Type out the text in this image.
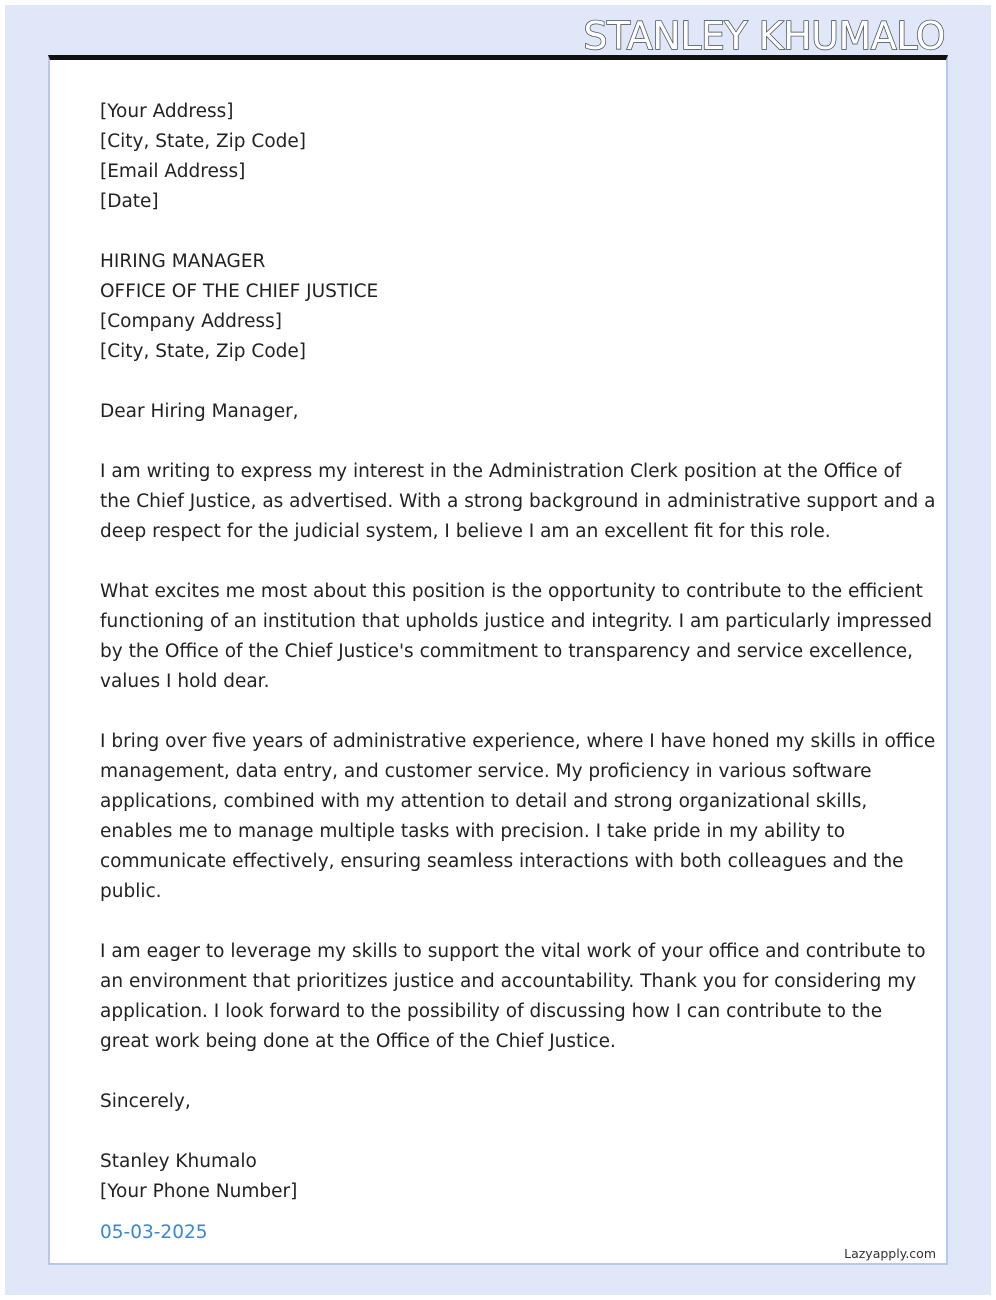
STANLEY KHUMALO
[Your Address]
[City, State, Zip Code]
[Email Address]
[Date]
HIRING MANAGER
OFFICE OF THE CHIEF JUSTICE
[Company Address]
[City, State, Zip Code]
Dear Hiring Manager,
I am writing to express my interest in the Administration Clerk position at the Office of
the Chief Justice, as advertised. With a strong background in administrative support and a
deep respect for the judicial system, I believe I am an excellent fit for this role.
What excites me most about this position is the opportunity to contribute to the efficient
functioning of an institution that upholds justice and integrity. I am particularly impressed
by the Office of the Chief Justice's commitment to transparency and service excellence,
values I hold dear.
I bring over five years of administrative experience, where I have honed my skills in office
management, data entry, and customer service. My proficiency in various software
applications, combined with my attention to detail and strong organizational skills,
enables me to manage multiple tasks with precision. I take pride in my ability to
communicate effectively, ensuring seamless interactions with both colleagues and the
public.
I am eager to leverage my skills to support the vital work of your office and contribute to
an environment that prioritizes justice and accountability. Thank you for considering my
application. I look forward to the possibility of discussing how I can contribute to the
great work being done at the Office of the Chief Justice.
Sincerely,
Stanley Khumalo
[Your Phone Number]
05-03-2025
Lazyapply.com
